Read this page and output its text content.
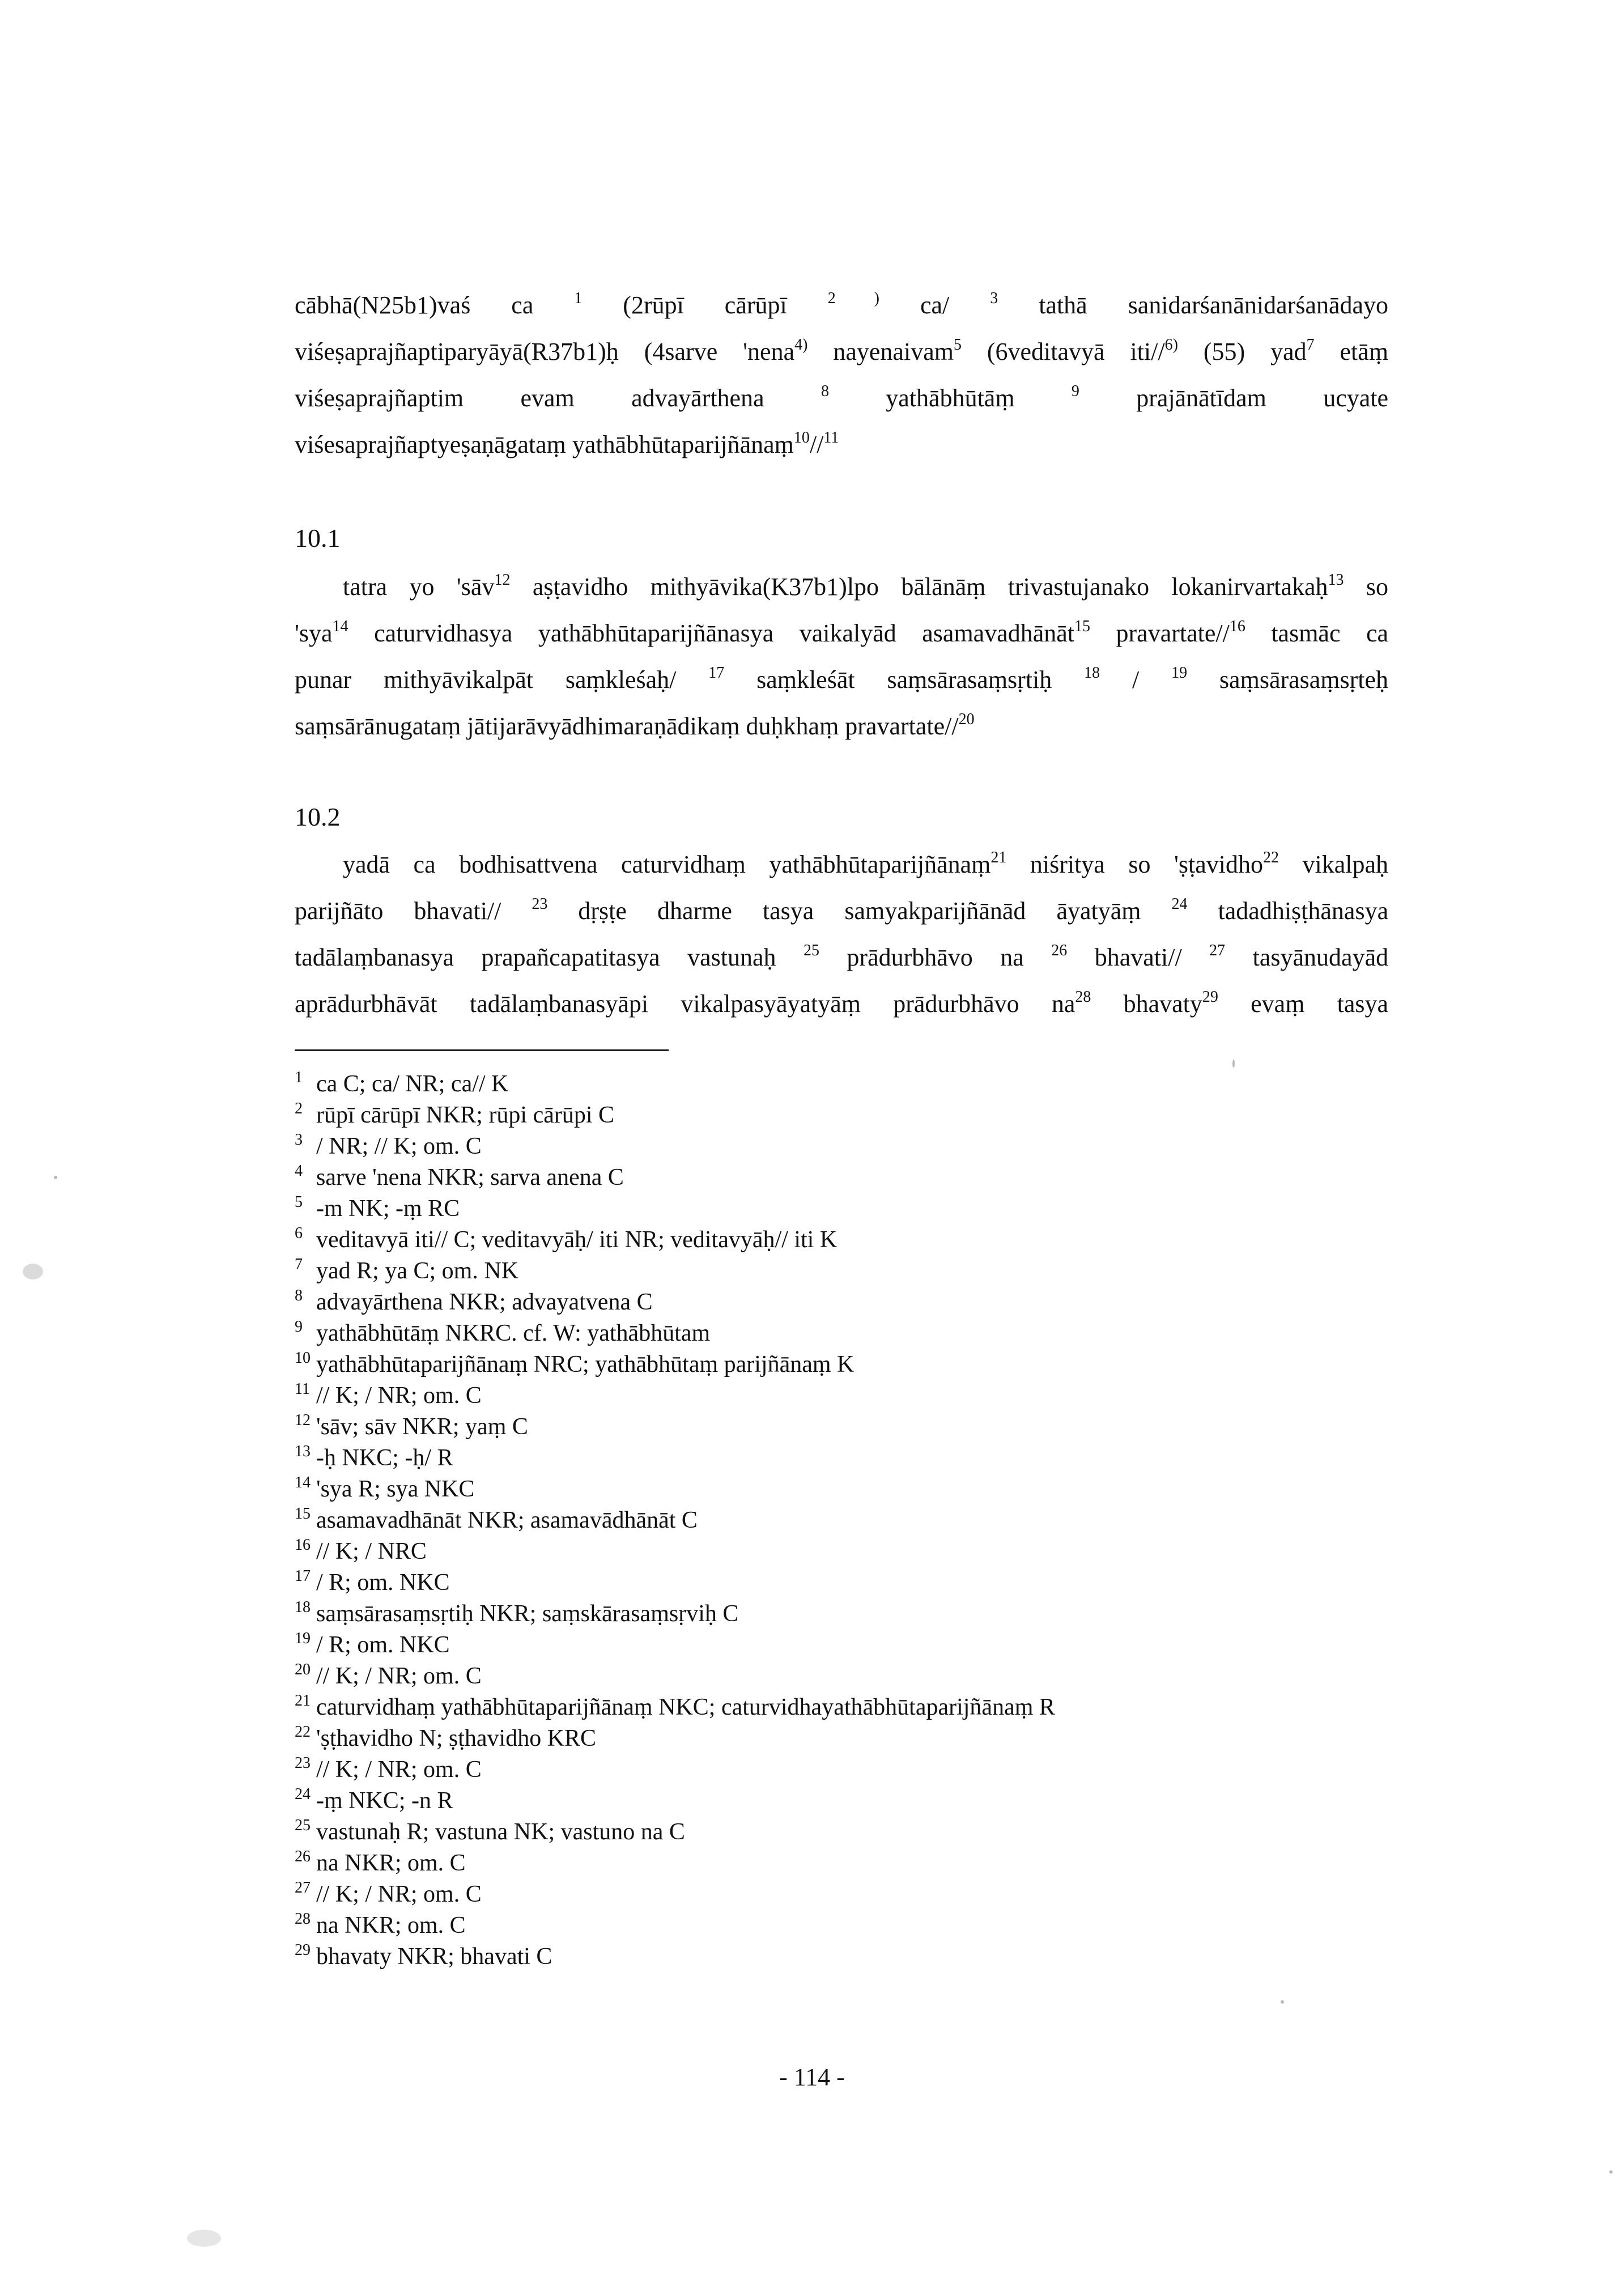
cābhā(N25b1)vaś ca	$^1$ (2rūpī cārūpī	$^{2 )}$ ca/	$^3$ tathā sanidarśanānidarśanādayo
viśeṣaprajñaptiparyāyā(R37b1)ḥ (4sarve 'nena$^{4)}$ nayenaivam$^5$ (6veditavyā iti//$^{6)}$ (55) yad$^7$ etāṃ
viśeṣaprajñaptim evam advayārthena	$^8$ yathābhūtāṃ	$^9$ prajānātīdam ucyate
viśesaprajñaptyeṣaṇāgataṃ yathābhūtaparijñānaṃ$^{10}$//$^{11}$
10.1
tatra yo 'sāv$^{12}$ aṣṭavidho mithyāvika(K37b1)lpo bālānāṃ trivastujanako lokanirvartakaḥ$^{13}$ so
'sya$^{14}$ caturvidhasya yathābhūtaparijñānasya vaikalyād asamavadhānāt$^{15}$ pravartate//$^{16}$ tasmāc ca
punar mithyāvikalpāt saṃkleśaḥ/ $^{17}$ saṃkleśāt saṃsārasaṃsṛtiḥ $^{18}$ / $^{19}$ saṃsārasaṃsṛteḥ
saṃsārānugataṃ jātijarāvyādhimaraṇādikaṃ duḥkhaṃ pravartate//$^{20}$
10.2
yadā ca bodhisattvena caturvidhaṃ yathābhūtaparijñānaṃ$^{21}$ niśritya so 'ṣṭavidho$^{22}$ vikalpaḥ
parijñāto bhavati// $^{23}$ dṛṣṭe dharme tasya samyakparijñānād āyatyāṃ $^{24}$ tadadhiṣṭhānasya
tadālaṃbanasya prapañcapatitasya vastunaḥ $^{25}$ prādurbhāvo na $^{26}$ bhavati// $^{27}$ tasyānudayād
aprādurbhāvāt tadālaṃbanasyāpi vikalpasyāyatyāṃ prādurbhāvo $na^{28}$ bhavaty$^{29}$ evaṃ tasya
1 ca C; ca/ NR; ca// K
2 rūpī cārūpī NKR; rūpi cārūpi C
3 / NR; // K; om. C
4 sarve 'nena NKR; sarva anena C
5 -m NK; -ṃ RC
6 veditavyā iti// C; veditavyāḥ/ iti NR; veditavyāḥ// iti K
7 yad R; ya C; om. NK
8 advayārthena NKR; advayatvena C
9 yathābhūtāṃ NKRC. cf. W: yathābhūtam
10 yathābhūtaparijñānaṃ NRC; yathābhūtaṃ parijñānaṃ K
11 // K; / NR; om. C
12 'sāv; sāv NKR; yaṃ C
13 -ḥ NKC; -ḥ/ R
14 'sya R; sya NKC
15 asamavadhānāt NKR; asamavādhānāt C
16 // K; / NRC
17 / R; om. NKC
18 saṃsārasaṃsṛtiḥ NKR; saṃskārasaṃsṛviḥ C
19 / R; om. NKC
20 // K; / NR; om. C
21 caturvidhaṃ yathābhūtaparijñānaṃ NKC; caturvidhayathābhūtaparijñānaṃ R
22 'ṣṭhavidho N; ṣṭhavidho KRC
23 // K; / NR; om. C
24 -ṃ NKC; -n R
25 vastunaḥ R; vastuna NK; vastuno na C
26 na NKR; om. C
27 // K; / NR; om. C
28 na NKR; om. C
29 bhavaty NKR; bhavati C
- 114 -
